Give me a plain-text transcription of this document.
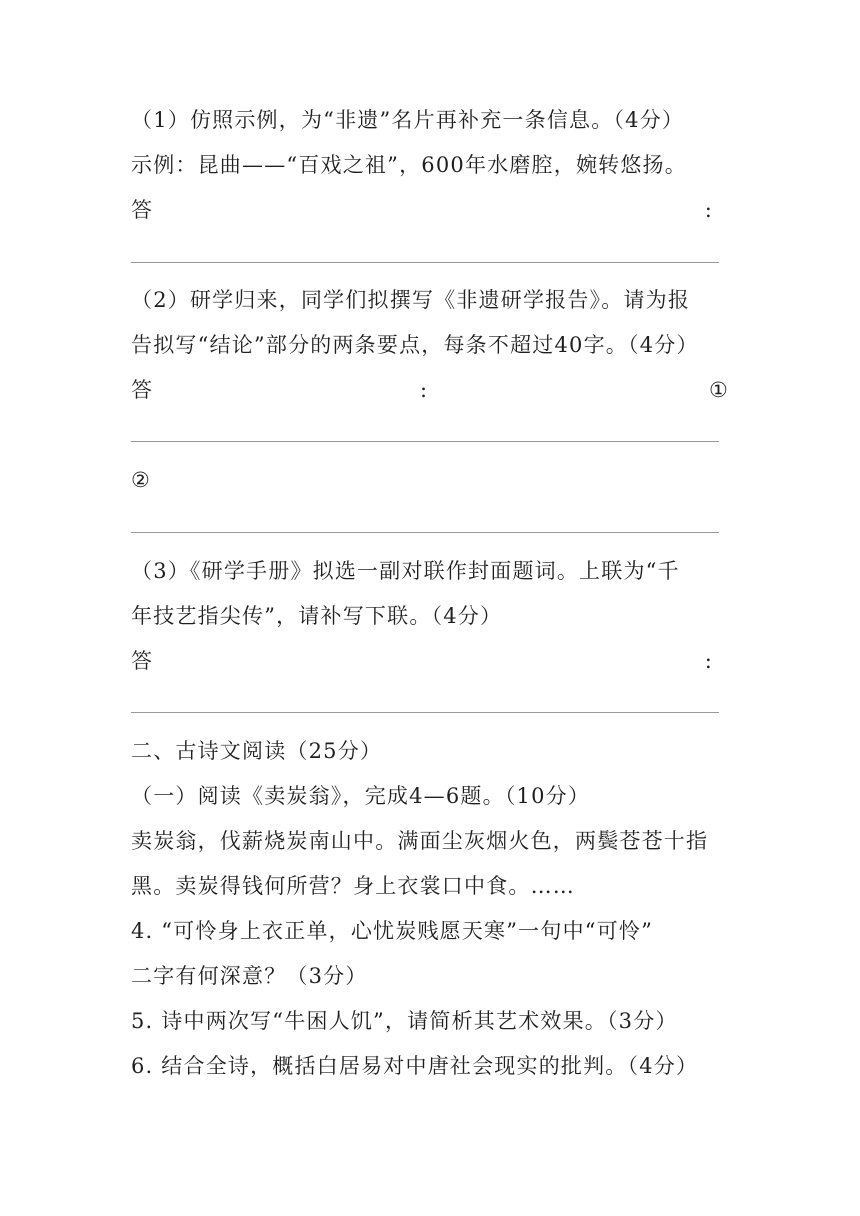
（1）仿照示例，为“非遗”名片再补充一条信息。（4分）
示例：昆曲——“百戏之祖”，600年水磨腔，婉转悠扬。
答	:
（2）研学归来，同学们拟撰写《非遗研学报告》。请为报
告拟写“结论”部分的两条要点，每条不超过40字。（4分）
答	:	①
②
（3）《研学手册》拟选一副对联作封面题词。上联为“千
年技艺指尖传”，请补写下联。（4分）
答	:
二、古诗文阅读（25分）
（一）阅读《卖炭翁》，完成4—6题。（10分）
卖炭翁，伐薪烧炭南山中。满面尘灰烟火色，两鬓苍苍十指
黑。卖炭得钱何所营？身上衣裳口中食。……
4. “可怜身上衣正单，心忧炭贱愿天寒”一句中“可怜”
二字有何深意？（3分）
5. 诗中两次写“牛困人饥”，请简析其艺术效果。（3分）
6. 结合全诗，概括白居易对中唐社会现实的批判。（4分）
